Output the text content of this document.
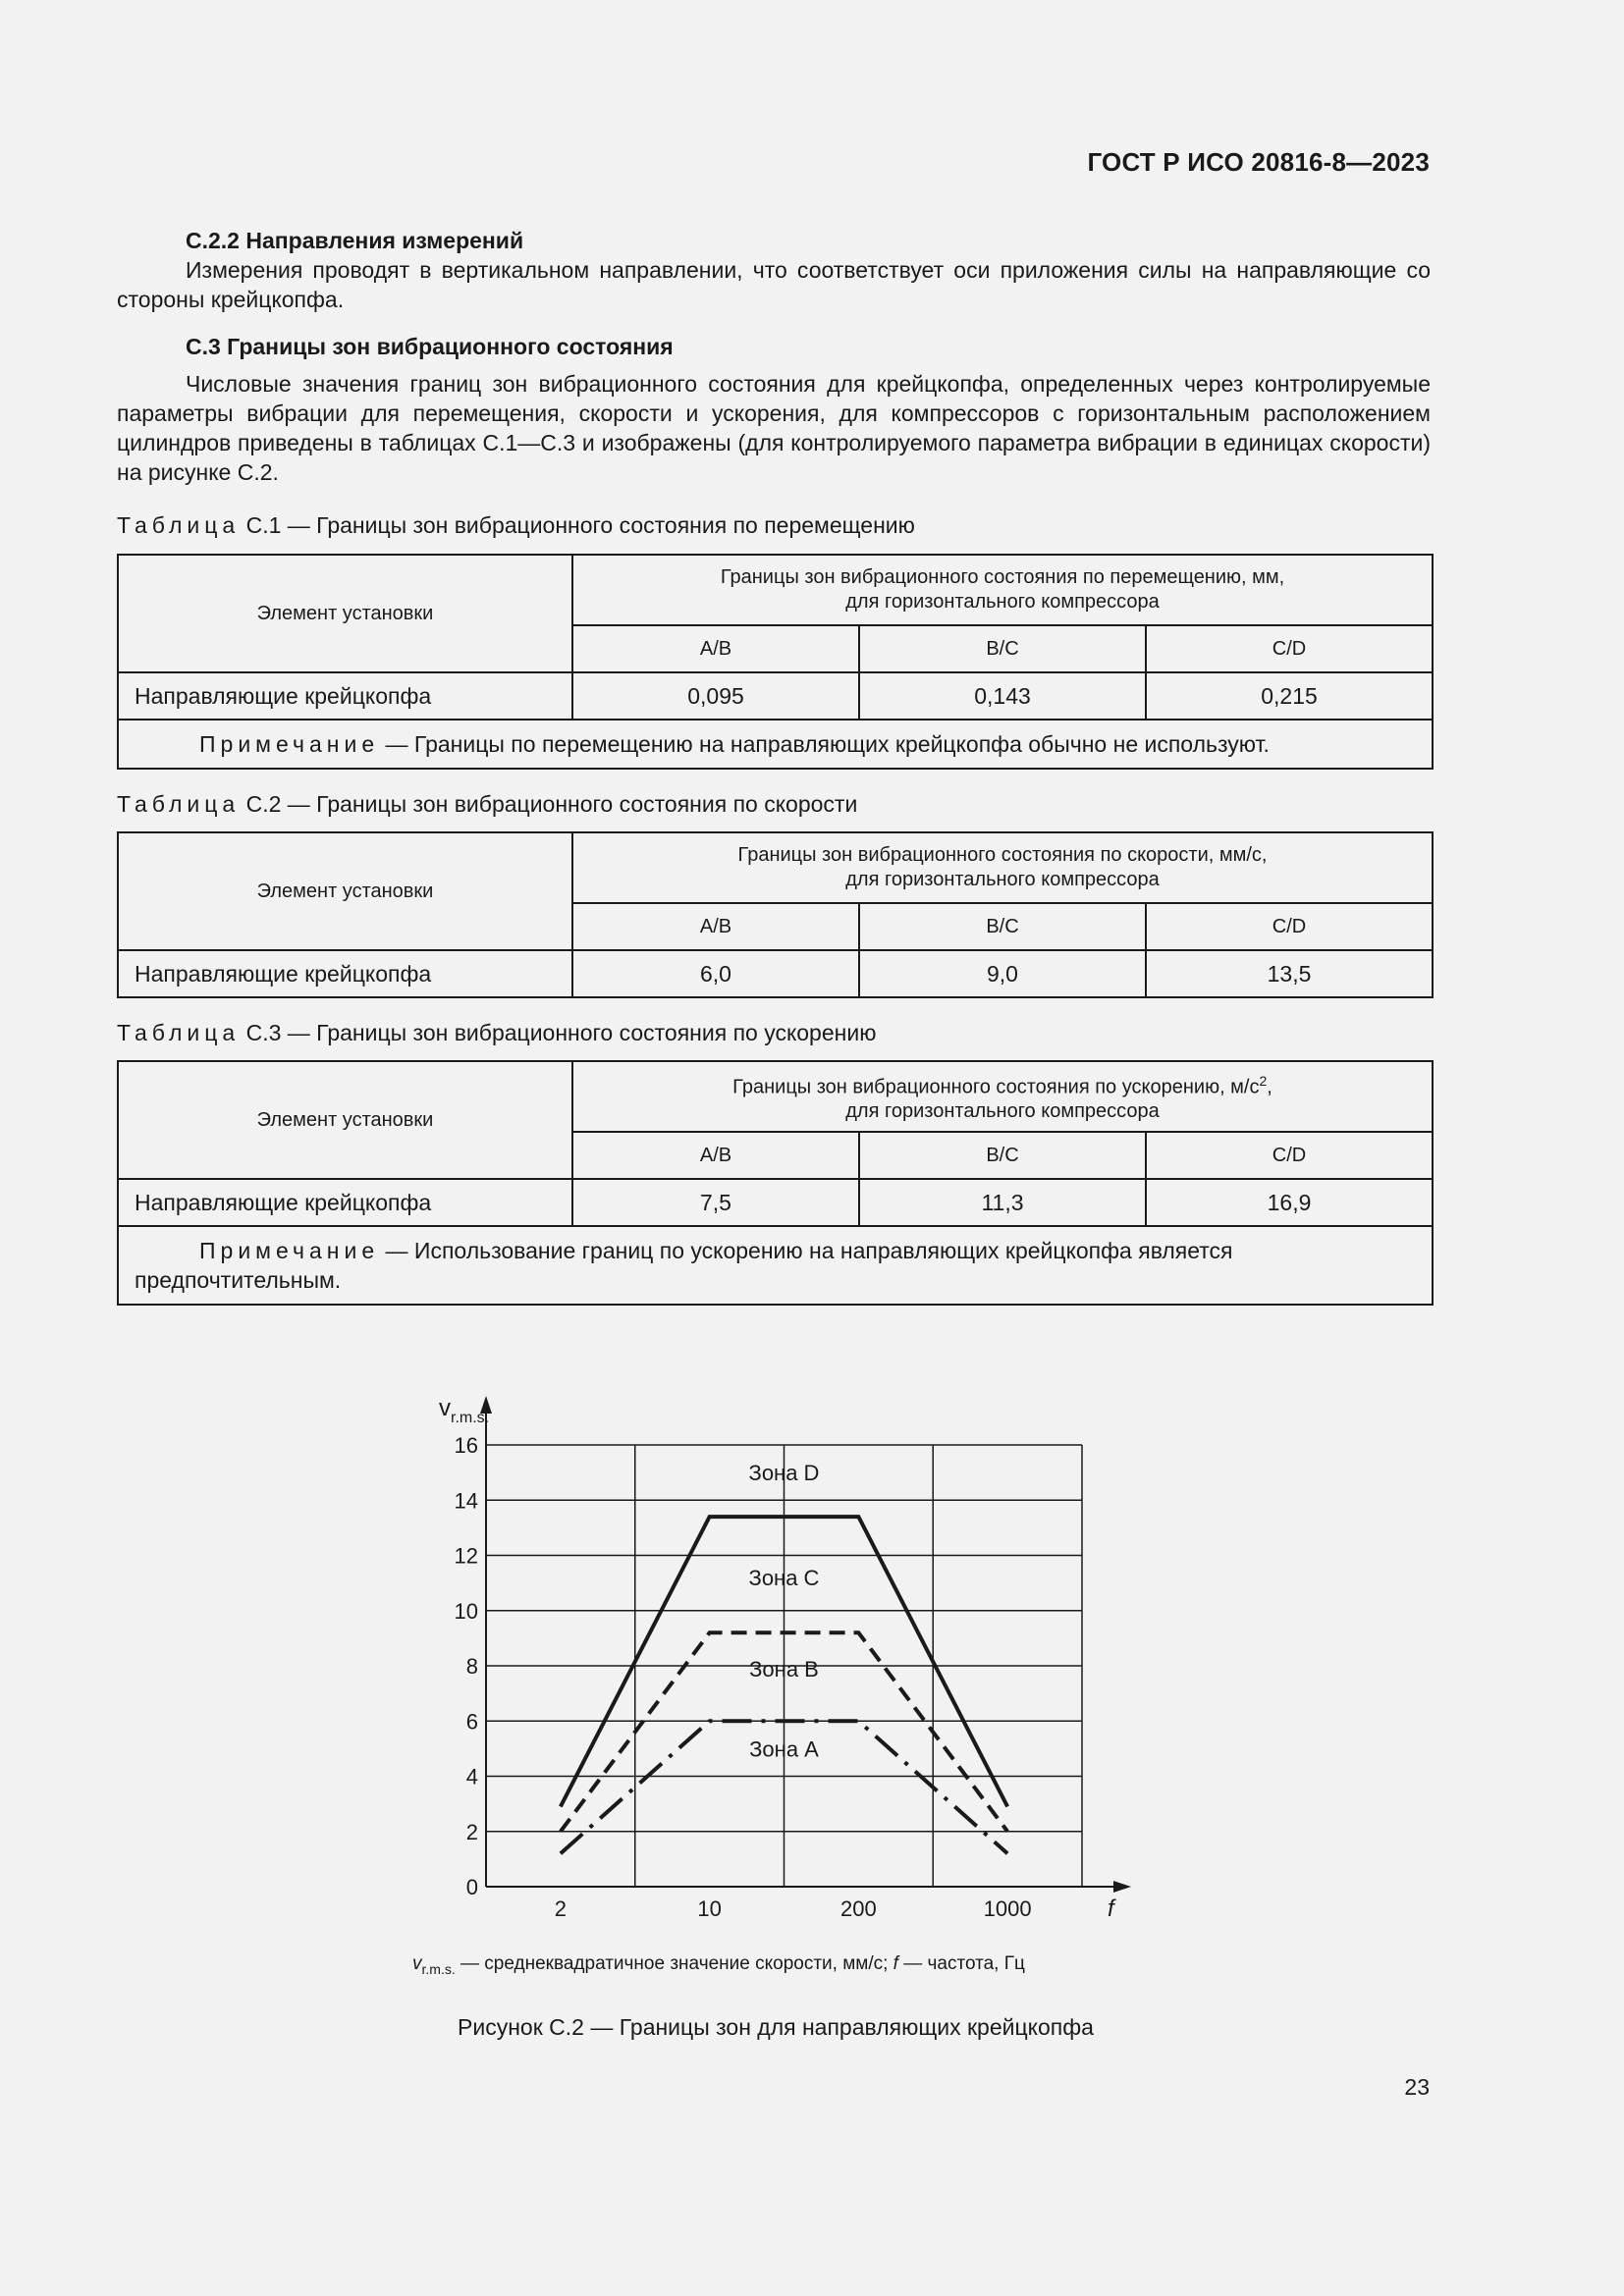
ГОСТ Р ИСО 20816-8—2023
С.2.2 Направления измерений
Измерения проводят в вертикальном направлении, что соответствует оси приложения силы на направляющие со стороны крейцкопфа.
С.3 Границы зон вибрационного состояния
Числовые значения границ зон вибрационного состояния для крейцкопфа, определенных через контролируемые параметры вибрации для перемещения, скорости и ускорения, для компрессоров с горизонтальным расположением цилиндров приведены в таблицах С.1—С.3 и изображены (для контролируемого параметра вибрации в единицах скорости) на рисунке С.2.
Таблица С.1 — Границы зон вибрационного состояния по перемещению
Элемент установки	Границы зон вибрационного состояния по перемещению, мм,
для горизонтального компрессора		
	A/B	B/C	C/D
Направляющие крейцкопфа	0,095	0,143	0,215
Примечание — Границы по перемещению на направляющих крейцкопфа обычно не используют.			
Таблица С.2 — Границы зон вибрационного состояния по скорости
Элемент установки	Границы зон вибрационного состояния по скорости, мм/с,
для горизонтального компрессора		
	A/B	B/C	C/D
Направляющие крейцкопфа	6,0	9,0	13,5
Таблица С.3 — Границы зон вибрационного состояния по ускорению
Элемент установки	Границы зон вибрационного состояния по ускорению, $м/с^2$,
для горизонтального компрессора		
	A/B	B/C	C/D
Направляющие крейцкопфа	7,5	11,3	16,9
Примечание — Использование границ по ускорению на направляющих крейцкопфа является предпочтительным.			
0
2
4
6
8
10
12
14
16
$v_{r.m.s.}$
f
2	10	200	1000
Зона D
Зона C
Зона B
Зона A
$v_{r.m.s.}$ — среднеквадратичное значение скорости, мм/с; f — частота, Гц
Рисунок С.2 — Границы зон для направляющих крейцкопфа
23
